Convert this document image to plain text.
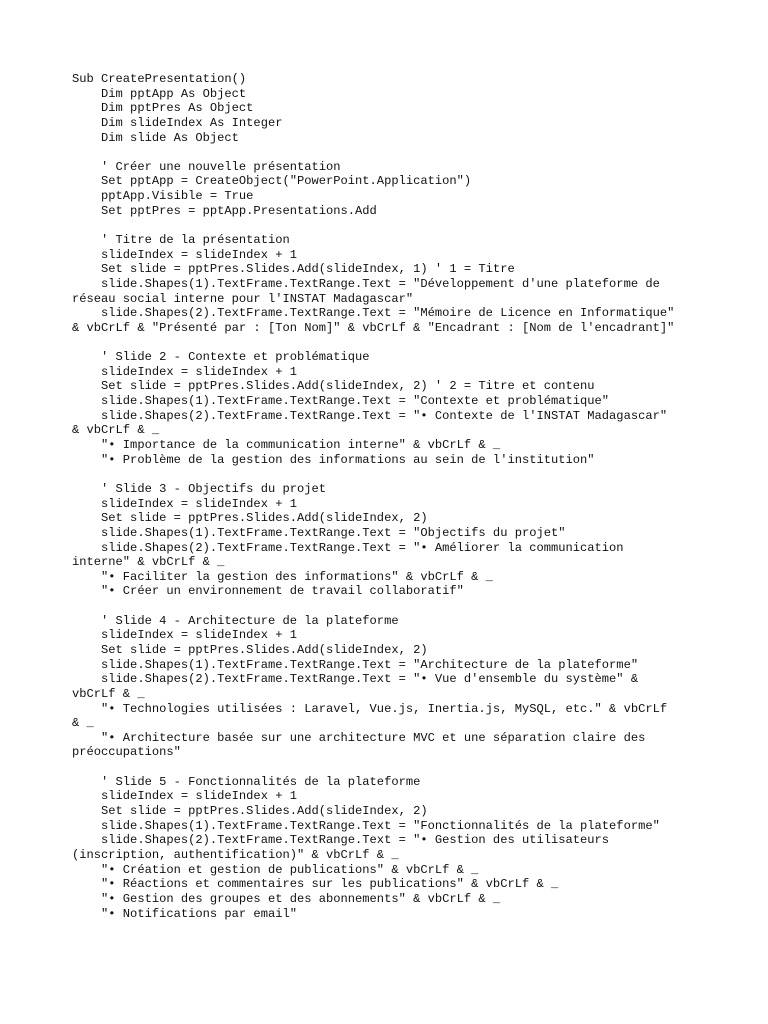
Sub CreatePresentation()
Dim pptApp As Object
Dim pptPres As Object
Dim slideIndex As Integer
Dim slide As Object
' Créer une nouvelle présentation
Set pptApp = CreateObject("PowerPoint.Application")
pptApp.Visible = True
Set pptPres = pptApp.Presentations.Add
' Titre de la présentation
slideIndex = slideIndex + 1
Set slide = pptPres.Slides.Add(slideIndex, 1) ' 1 = Titre
slide.Shapes(1).TextFrame.TextRange.Text = "Développement d'une plateforme de
réseau social interne pour l'INSTAT Madagascar"
slide.Shapes(2).TextFrame.TextRange.Text = "Mémoire de Licence en Informatique"
& vbCrLf & "Présenté par : [Ton Nom]" & vbCrLf & "Encadrant : [Nom de l'encadrant]"
' Slide 2 - Contexte et problématique
slideIndex = slideIndex + 1
Set slide = pptPres.Slides.Add(slideIndex, 2) ' 2 = Titre et contenu
slide.Shapes(1).TextFrame.TextRange.Text = "Contexte et problématique"
slide.Shapes(2).TextFrame.TextRange.Text = "• Contexte de l'INSTAT Madagascar"
& vbCrLf & _
"• Importance de la communication interne" & vbCrLf & _
"• Problème de la gestion des informations au sein de l'institution"
' Slide 3 - Objectifs du projet
slideIndex = slideIndex + 1
Set slide = pptPres.Slides.Add(slideIndex, 2)
slide.Shapes(1).TextFrame.TextRange.Text = "Objectifs du projet"
slide.Shapes(2).TextFrame.TextRange.Text = "• Améliorer la communication
interne" & vbCrLf & _
"• Faciliter la gestion des informations" & vbCrLf & _
"• Créer un environnement de travail collaboratif"
' Slide 4 - Architecture de la plateforme
slideIndex = slideIndex + 1
Set slide = pptPres.Slides.Add(slideIndex, 2)
slide.Shapes(1).TextFrame.TextRange.Text = "Architecture de la plateforme"
slide.Shapes(2).TextFrame.TextRange.Text = "• Vue d'ensemble du système" &
vbCrLf & _
"• Technologies utilisées : Laravel, Vue.js, Inertia.js, MySQL, etc." & vbCrLf
& _
"• Architecture basée sur une architecture MVC et une séparation claire des
préoccupations"
' Slide 5 - Fonctionnalités de la plateforme
slideIndex = slideIndex + 1
Set slide = pptPres.Slides.Add(slideIndex, 2)
slide.Shapes(1).TextFrame.TextRange.Text = "Fonctionnalités de la plateforme"
slide.Shapes(2).TextFrame.TextRange.Text = "• Gestion des utilisateurs
(inscription, authentification)" & vbCrLf & _
"• Création et gestion de publications" & vbCrLf & _
"• Réactions et commentaires sur les publications" & vbCrLf & _
"• Gestion des groupes et des abonnements" & vbCrLf & _
"• Notifications par email"
